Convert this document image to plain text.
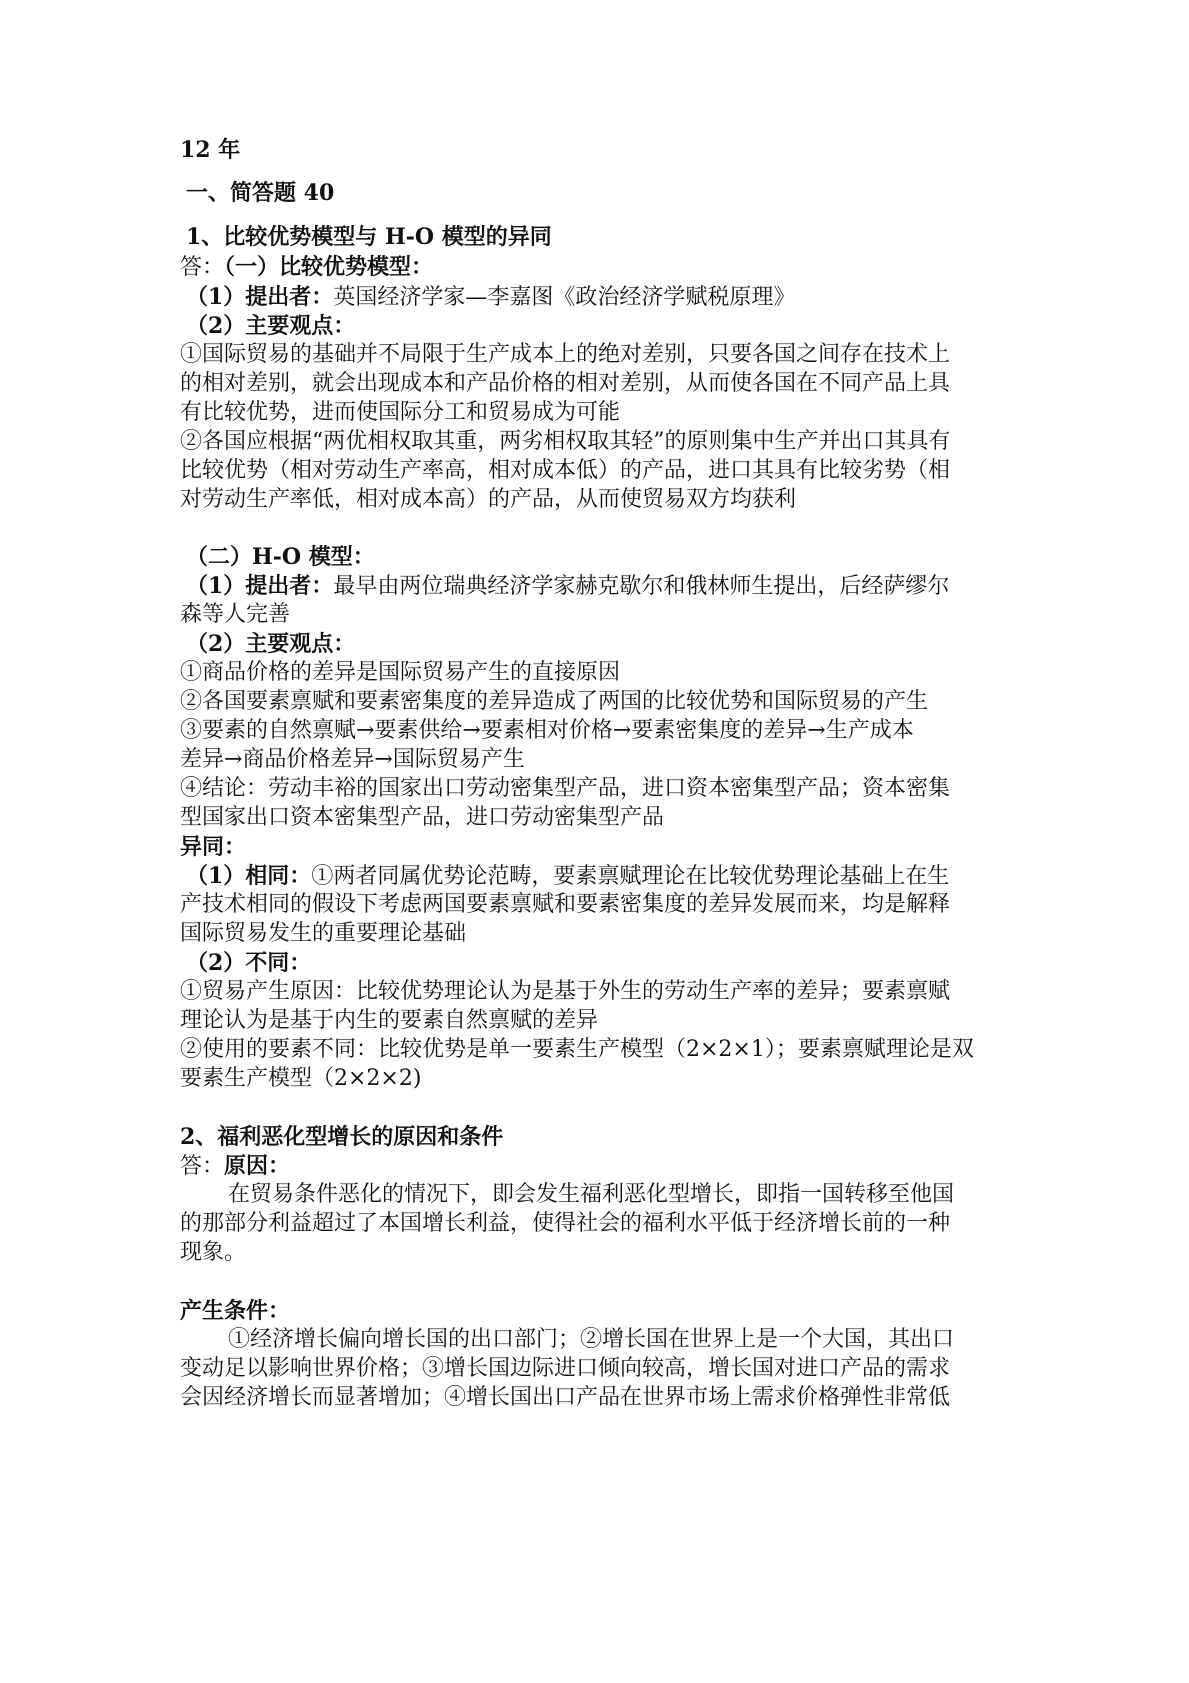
12 年
一、简答题 40
1、比较优势模型与 H-O 模型的异同
答：（一）比较优势模型：
（1）提出者：英国经济学家—李嘉图《政治经济学赋税原理》
（2）主要观点：
①国际贸易的基础并不局限于生产成本上的绝对差别，只要各国之间存在技术上
的相对差别，就会出现成本和产品价格的相对差别，从而使各国在不同产品上具
有比较优势，进而使国际分工和贸易成为可能
②各国应根据“两优相权取其重，两劣相权取其轻”的原则集中生产并出口其具有
比较优势（相对劳动生产率高，相对成本低）的产品，进口其具有比较劣势（相
对劳动生产率低，相对成本高）的产品，从而使贸易双方均获利
（二）H-O 模型：
（1）提出者：最早由两位瑞典经济学家赫克歇尔和俄林师生提出，后经萨缪尔
森等人完善
（2）主要观点：
①商品价格的差异是国际贸易产生的直接原因
②各国要素禀赋和要素密集度的差异造成了两国的比较优势和国际贸易的产生
③要素的自然禀赋→要素供给→要素相对价格→要素密集度的差异→生产成本
差异→商品价格差异→国际贸易产生
④结论：劳动丰裕的国家出口劳动密集型产品，进口资本密集型产品；资本密集
型国家出口资本密集型产品，进口劳动密集型产品
异同：
（1）相同：①两者同属优势论范畴，要素禀赋理论在比较优势理论基础上在生
产技术相同的假设下考虑两国要素禀赋和要素密集度的差异发展而来，均是解释
国际贸易发生的重要理论基础
（2）不同：
①贸易产生原因：比较优势理论认为是基于外生的劳动生产率的差异；要素禀赋
理论认为是基于内生的要素自然禀赋的差异
②使用的要素不同：比较优势是单一要素生产模型（2×2×1）；要素禀赋理论是双
要素生产模型（2×2×2)
2、福利恶化型增长的原因和条件
答：原因：
在贸易条件恶化的情况下，即会发生福利恶化型增长，即指一国转移至他国
的那部分利益超过了本国增长利益，使得社会的福利水平低于经济增长前的一种
现象。
产生条件：
①经济增长偏向增长国的出口部门；②增长国在世界上是一个大国，其出口
变动足以影响世界价格；③增长国边际进口倾向较高，增长国对进口产品的需求
会因经济增长而显著增加；④增长国出口产品在世界市场上需求价格弹性非常低
